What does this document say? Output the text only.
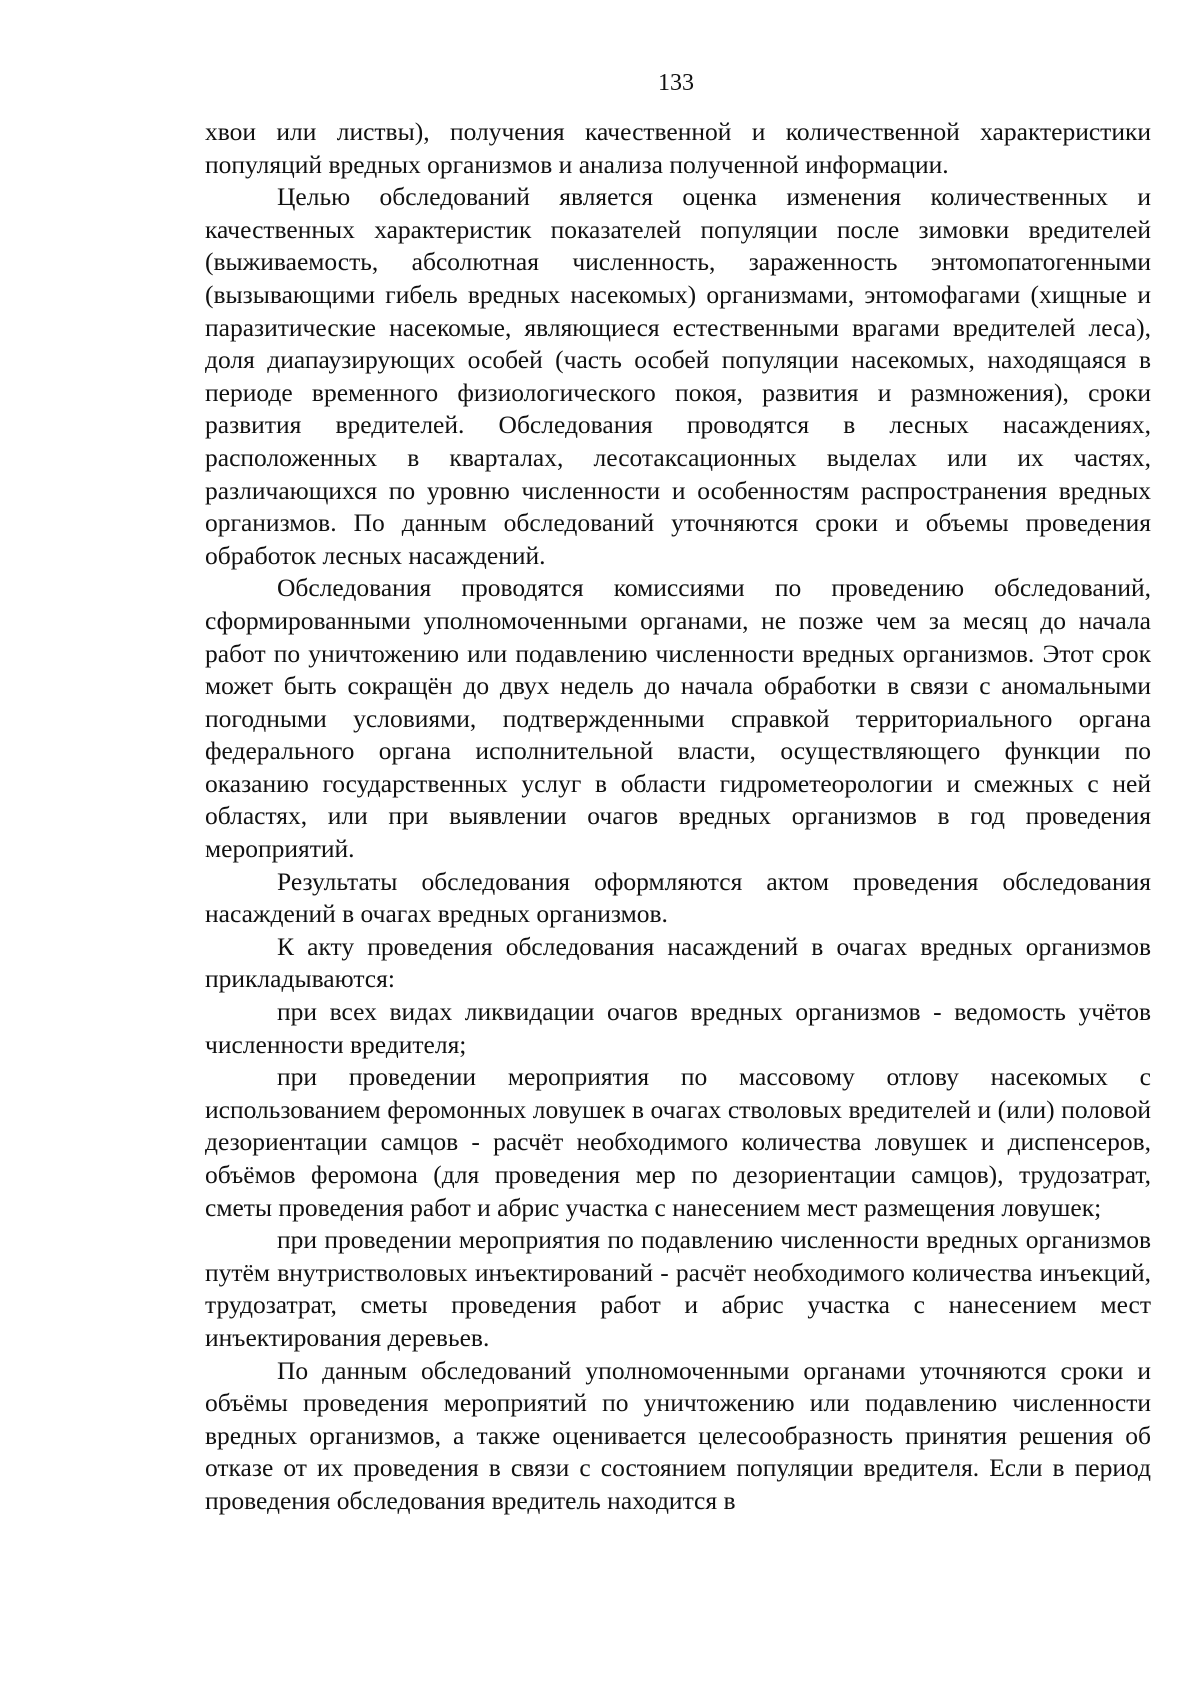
133

хвои или листвы), получения качественной и количественной характеристики популяций вредных организмов и анализа полученной информации.

Целью обследований является оценка изменения количественных и качественных характеристик показателей популяции после зимовки вредителей (выживаемость, абсолютная численность, зараженность энтомопатогенными (вызывающими гибель вредных насекомых) организмами, энтомофагами (хищные и паразитические насекомые, являющиеся естественными врагами вредителей леса), доля диапаузирующих особей (часть особей популяции насекомых, находящаяся в периоде временного физиологического покоя, развития и размножения), сроки развития вредителей. Обследования проводятся в лесных насаждениях, расположенных в кварталах, лесотаксационных выделах или их частях, различающихся по уровню численности и особенностям распространения вредных организмов. По данным обследований уточняются сроки и объемы проведения обработок лесных насаждений.

Обследования проводятся комиссиями по проведению обследований, сформированными уполномоченными органами, не позже чем за месяц до начала работ по уничтожению или подавлению численности вредных организмов. Этот срок может быть сокращён до двух недель до начала обработки в связи с аномальными погодными условиями, подтвержденными справкой территориального органа федерального органа исполнительной власти, осуществляющего функции по оказанию государственных услуг в области гидрометеорологии и смежных с ней областях, или при выявлении очагов вредных организмов в год проведения мероприятий.

Результаты обследования оформляются актом проведения обследования насаждений в очагах вредных организмов.

К акту проведения обследования насаждений в очагах вредных организмов прикладываются:

при всех видах ликвидации очагов вредных организмов - ведомость учётов численности вредителя;

при проведении мероприятия по массовому отлову насекомых с использованием феромонных ловушек в очагах стволовых вредителей и (или) половой дезориентации самцов - расчёт необходимого количества ловушек и диспенсеров, объёмов феромона (для проведения мер по дезориентации самцов), трудозатрат, сметы проведения работ и абрис участка с нанесением мест размещения ловушек;

при проведении мероприятия по подавлению численности вредных организмов путём внутристволовых инъектирований - расчёт необходимого количества инъекций, трудозатрат, сметы проведения работ и абрис участка с нанесением мест инъектирования деревьев.

По данным обследований уполномоченными органами уточняются сроки и объёмы проведения мероприятий по уничтожению или подавлению численности вредных организмов, а также оценивается целесообразность принятия решения об отказе от их проведения в связи с состоянием популяции вредителя. Если в период проведения обследования вредитель находится в
